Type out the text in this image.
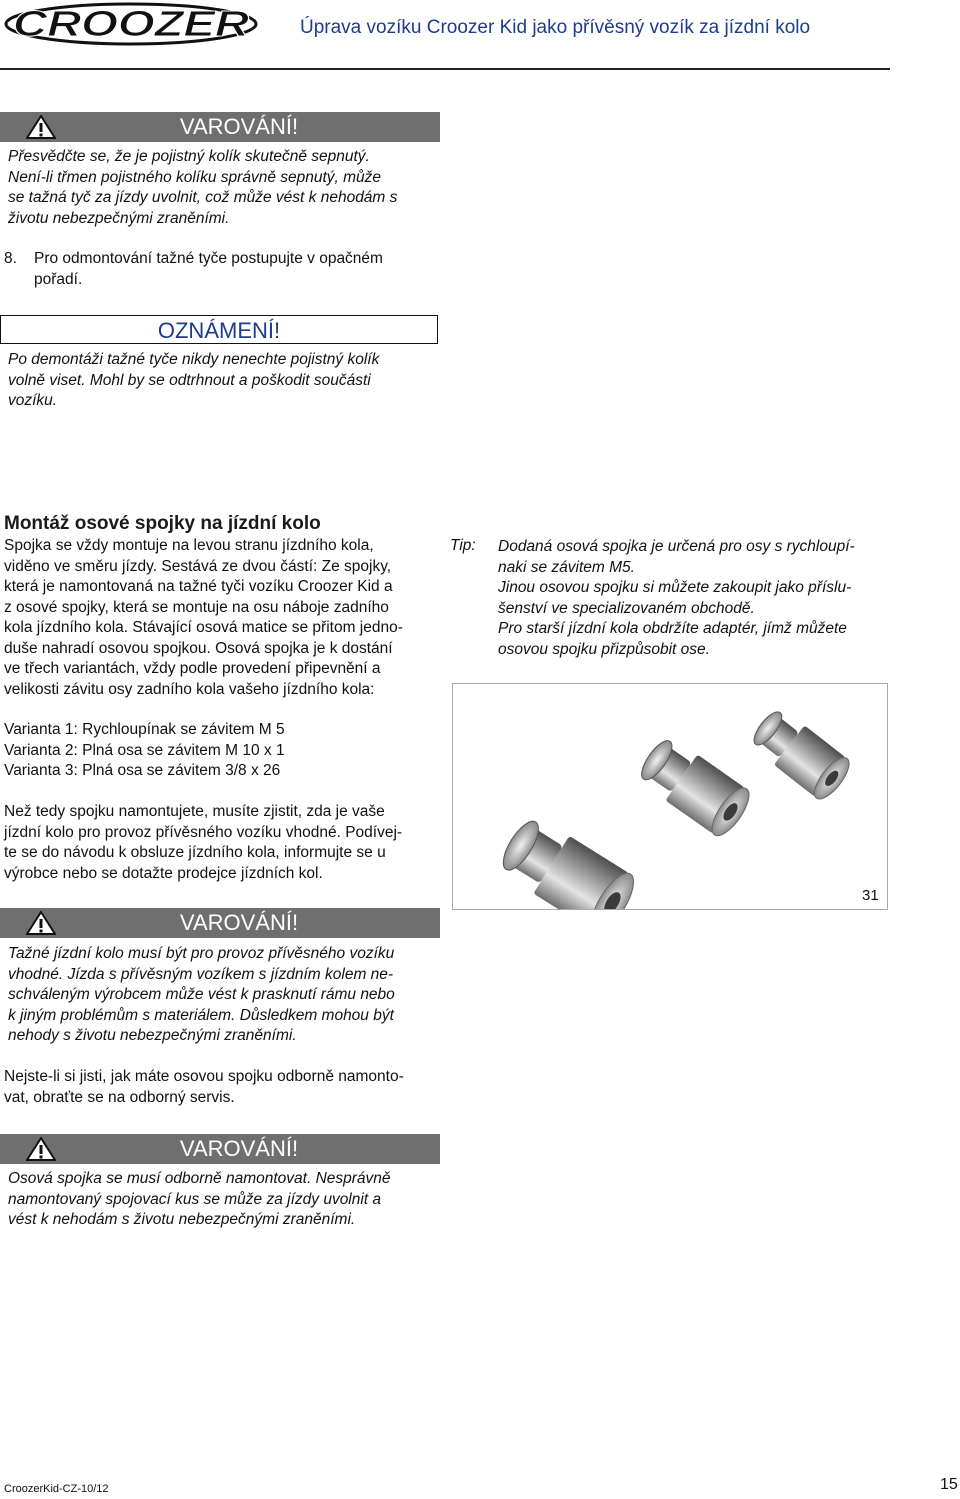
CROOZER	Úprava vozíku Croozer Kid jako přívěsný vozík za jízdní kolo
VAROVÁNÍ!

Přesvědčte se, že je pojistný kolík skutečně sepnutý.

Není-li třmen pojistného kolíku správně sepnutý, může

se tažná tyč za jízdy uvolnit, což může vést k nehodám s

životu nebezpečnými zraněními.

8. Pro odmontování tažné tyče postupujte v opačném

pořadí.

OZNÁMENÍ!

Po demontáži tažné tyče nikdy nenechte pojistný kolík

volně viset. Mohl by se odtrhnout a poškodit součásti

vozíku.

Montáž osové spojky na jízdní kolo

Spojka se vždy montuje na levou stranu jízdního kola,

viděno ve směru jízdy. Sestává ze dvou částí: Ze spojky,

která je namontovaná na tažné tyči vozíku Croozer Kid a

z osové spojky, která se montuje na osu náboje zadního

kola jízdního kola. Stávající osová matice se přitom jedno-

duše nahradí osovou spojkou. Osová spojka je k dostání

ve třech variantách, vždy podle provedení připevnění a

velikosti závitu osy zadního kola vašeho jízdního kola:

Varianta 1: Rychloupínak se závitem M 5

Varianta 2: Plná osa se závitem M 10 x 1

Varianta 3: Plná osa se závitem 3/8 x 26

Než tedy spojku namontujete, musíte zjistit, zda je vaše

jízdní kolo pro provoz přívěsného vozíku vhodné. Podívej-

te se do návodu k obsluze jízdního kola, informujte se u

výrobce nebo se dotažte prodejce jízdních kol.

Tip: Dodaná osová spojka je určená pro osy s rychloupí-

naki se závitem M5.

Jinou osovou spojku si můžete zakoupit jako příslu-

šenství ve specializovaném obchodě.

Pro starší jízdní kola obdržíte adaptér, jímž můžete

osovou spojku přizpůsobit ose.

31
VAROVÁNÍ!

Tažné jízdní kolo musí být pro provoz přívěsného vozíku

vhodné. Jízda s přívěsným vozíkem s jízdním kolem ne-

schváleným výrobcem může vést k prasknutí rámu nebo

k jiným problémům s materiálem. Důsledkem mohou být

nehody s životu nebezpečnými zraněními.

Nejste-li si jisti, jak máte osovou spojku odborně namonto-

vat, obraťte se na odborný servis.

VAROVÁNÍ!

Osová spojka se musí odborně namontovat. Nesprávně

namontovaný spojovací kus se může za jízdy uvolnit a

vést k nehodám s životu nebezpečnými zraněními.

CroozerKid-CZ-10/12	15
